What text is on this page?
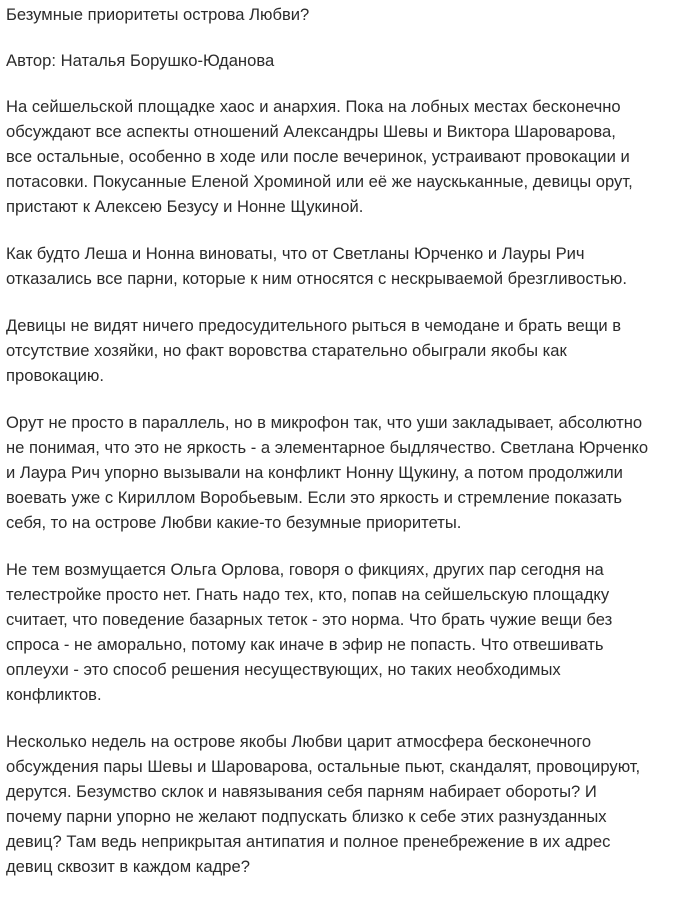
Безумные приоритеты острова Любви?

Автор: Наталья Борушко-Юданова

На сейшельской площадке хаос и анархия. Пока на лобных местах бесконечно
обсуждают все аспекты отношений Александры Шевы и Виктора Шароварова,
все остальные, особенно в ходе или после вечеринок, устраивают провокации и
потасовки. Покусанные Еленой Хроминой или её же наускьканные, девицы орут,
пристают к Алексею Безусу и Нонне Щукиной.

Как будто Леша и Нонна виноваты, что от Светланы Юрченко и Лауры Рич
отказались все парни, которые к ним относятся с нескрываемой брезгливостью.

Девицы не видят ничего предосудительного рыться в чемодане и брать вещи в
отсутствие хозяйки, но факт воровства старательно обыграли якобы как
провокацию.

Орут не просто в параллель, но в микрофон так, что уши закладывает, абсолютно
не понимая, что это не яркость - а элементарное быдлячество. Светлана Юрченко
и Лаура Рич упорно вызывали на конфликт Нонну Щукину, а потом продолжили
воевать уже с Кириллом Воробьевым. Если это яркость и стремление показать
себя, то на острове Любви какие-то безумные приоритеты.

Не тем возмущается Ольга Орлова, говоря о фикциях, других пар сегодня на
телестройке просто нет. Гнать надо тех, кто, попав на сейшельскую площадку
считает, что поведение базарных теток - это норма. Что брать чужие вещи без
спроса - не аморально, потому как иначе в эфир не попасть. Что отвешивать
оплеухи - это способ решения несуществующих, но таких необходимых
конфликтов.

Несколько недель на острове якобы Любви царит атмосфера бесконечного
обсуждения пары Шевы и Шароварова, остальные пьют, скандалят, провоцируют,
дерутся. Безумство склок и навязывания себя парням набирает обороты? И
почему парни упорно не желают подпускать близко к себе этих разнузданных
девиц? Там ведь неприкрытая антипатия и полное пренебрежение в их адрес
девиц сквозит в каждом кадре?
